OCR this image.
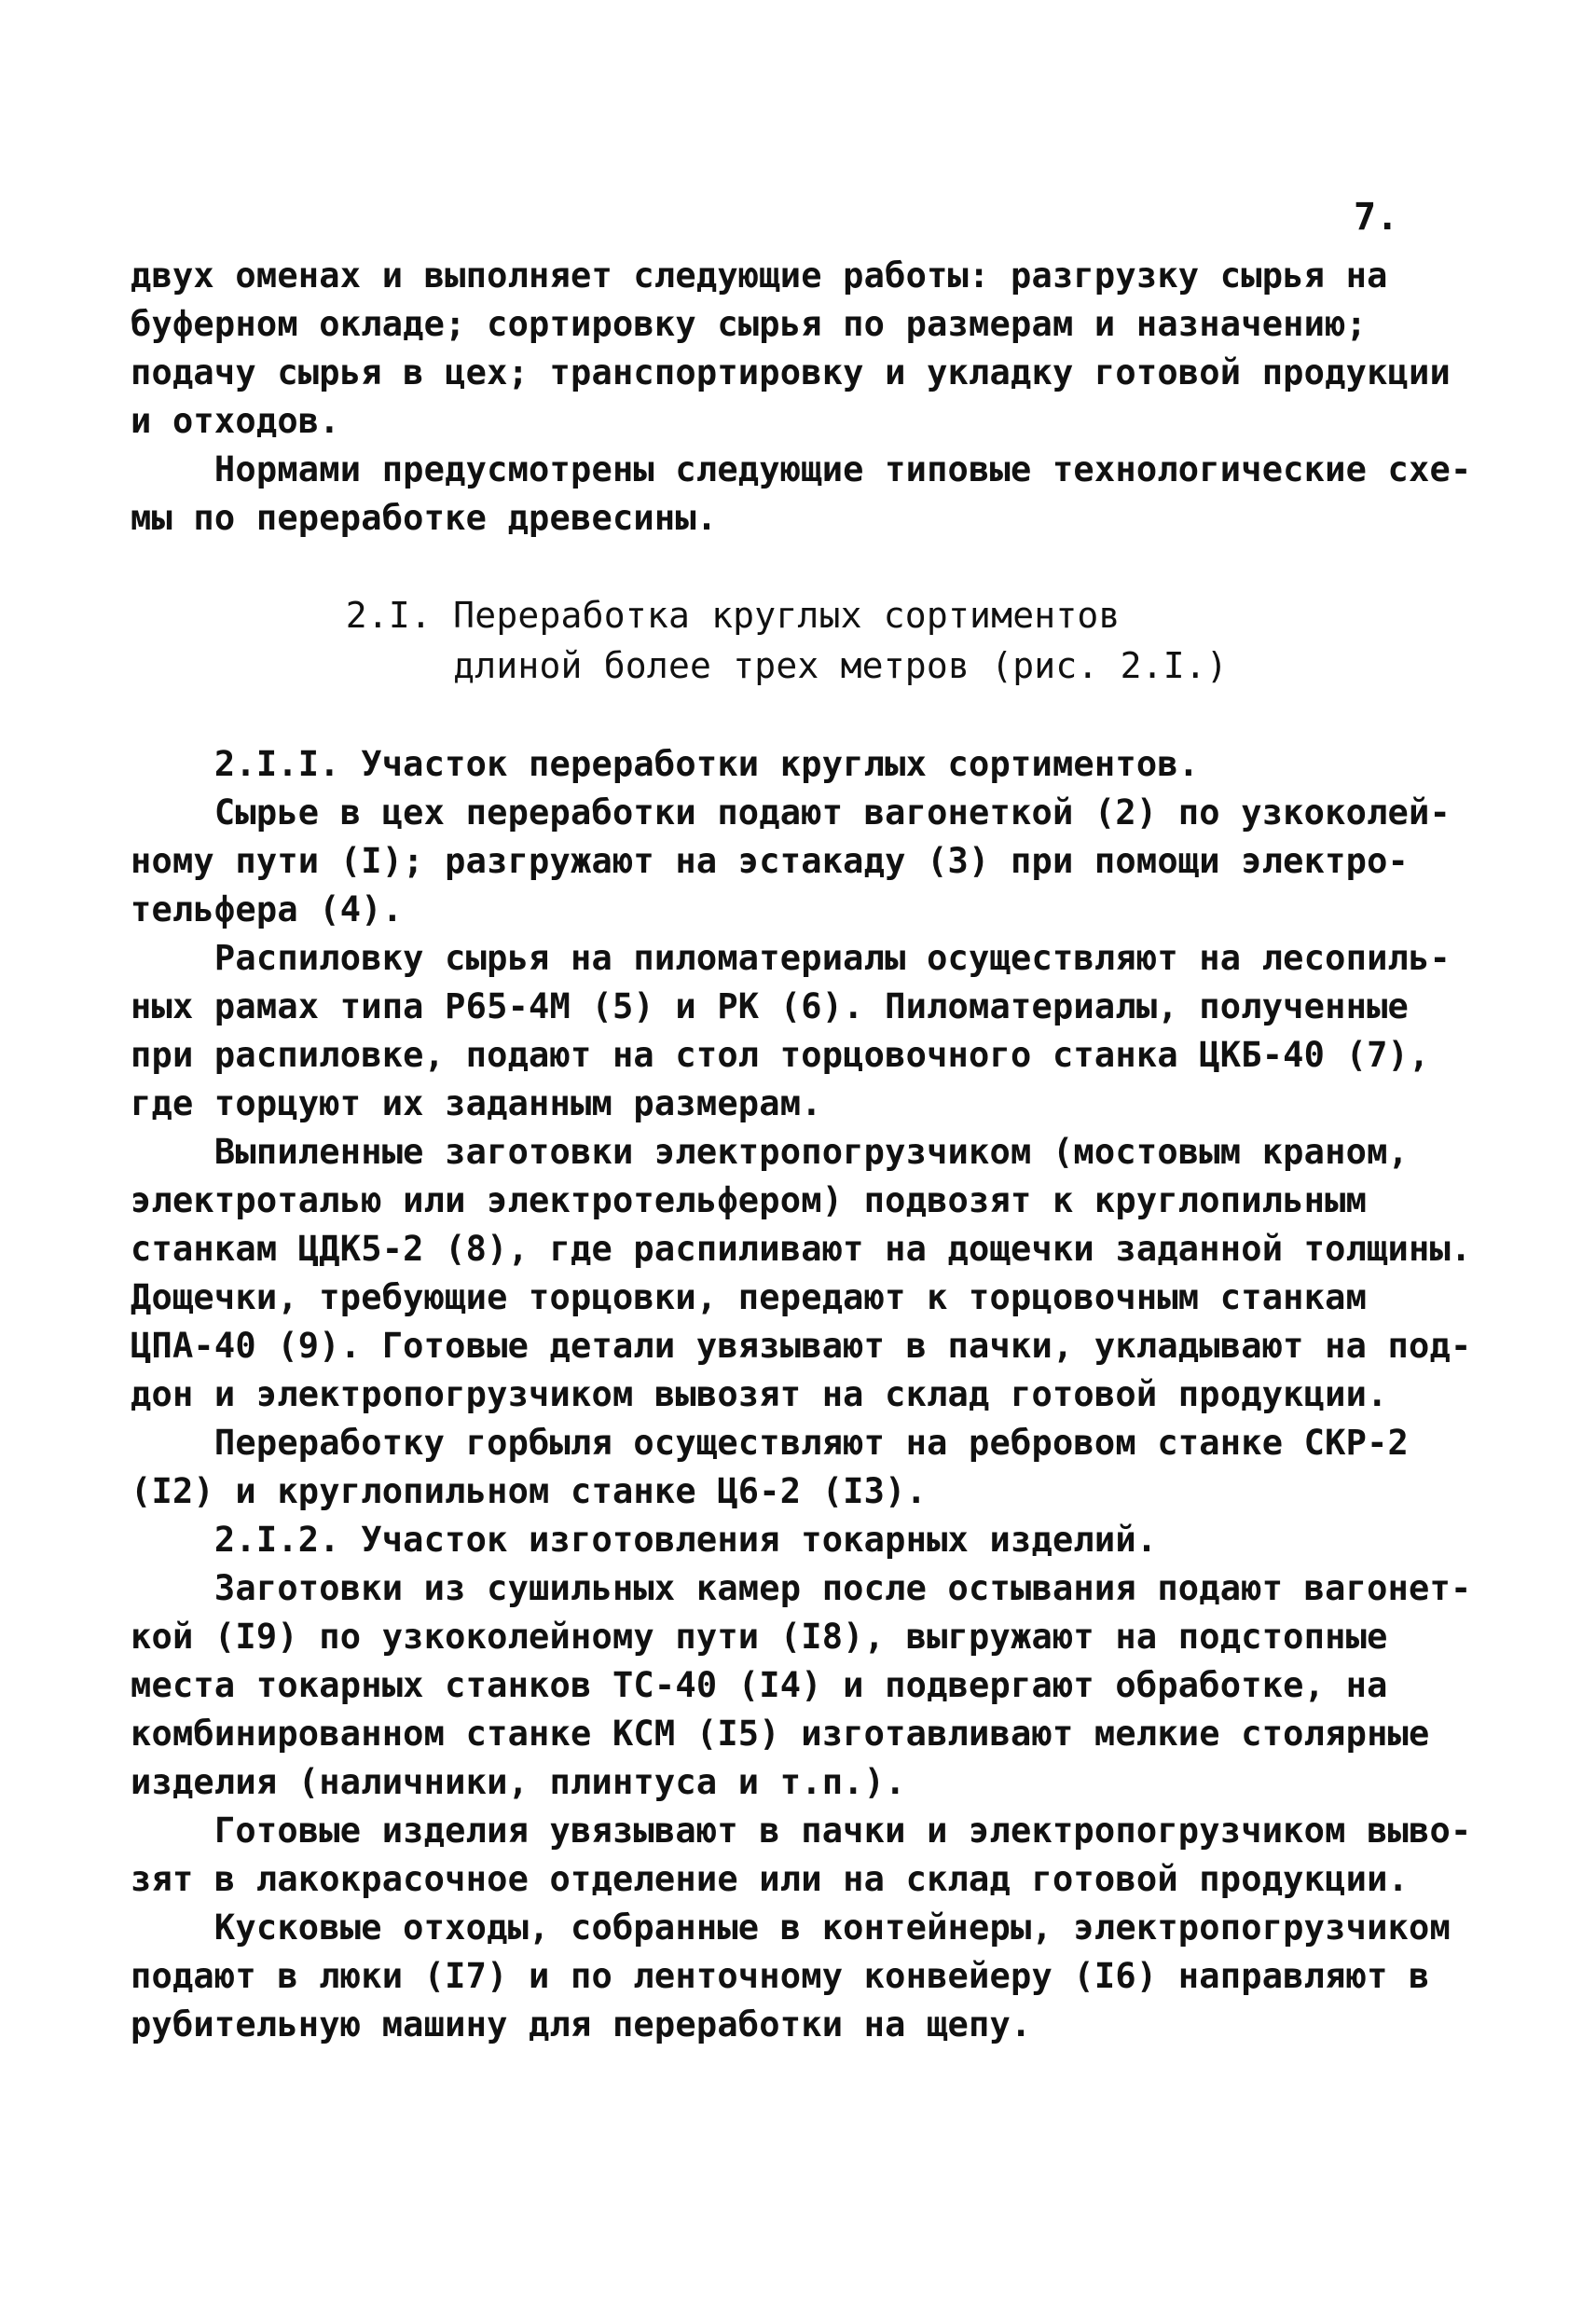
7.
двух оменах и выполняет следующие работы: разгрузку сырья на
буферном окладе; сортировку сырья по размерам и назначению;
подачу сырья в цех; транспортировку и укладку готовой продукции
и отходов.
Нормами предусмотрены следующие типовые технологические схе-
мы по переработке древесины.
2.I. Переработка круглых сортиментов
длиной более трех метров (рис. 2.I.)
2.I.I. Участок переработки круглых сортиментов.
Сырье в цех переработки подают вагонеткой (2) по узкоколей-
ному пути (I); разгружают на эстакаду (3) при помощи электро-
тельфера (4).
Распиловку сырья на пиломатериалы осуществляют на лесопиль-
ных рамах типа Р65-4М (5) и РК (6). Пиломатериалы, полученные
при распиловке, подают на стол торцовочного станка ЦКБ-40 (7),
где торцуют их заданным размерам.
Выпиленные заготовки электропогрузчиком (мостовым краном,
электроталью или электротельфером) подвозят к круглопильным
станкам ЦДК5-2 (8), где распиливают на дощечки заданной толщины.
Дощечки, требующие торцовки, передают к торцовочным станкам
ЦПА-40 (9). Готовые детали увязывают в пачки, укладывают на под-
дон и электропогрузчиком вывозят на склад готовой продукции.
Переработку горбыля осуществляют на ребровом станке СКР-2
(I2) и круглопильном станке Ц6-2 (I3).
2.I.2. Участок изготовления токарных изделий.
Заготовки из сушильных камер после остывания подают вагонет-
кой (I9) по узкоколейному пути (I8), выгружают на подстопные
места токарных станков ТС-40 (I4) и подвергают обработке, на
комбинированном станке КСМ (I5) изготавливают мелкие столярные
изделия (наличники, плинтуса и т.п.).
Готовые изделия увязывают в пачки и электропогрузчиком выво-
зят в лакокрасочное отделение или на склад готовой продукции.
Кусковые отходы, собранные в контейнеры, электропогрузчиком
подают в люки (I7) и по ленточному конвейеру (I6) направляют в
рубительную машину для переработки на щепу.
